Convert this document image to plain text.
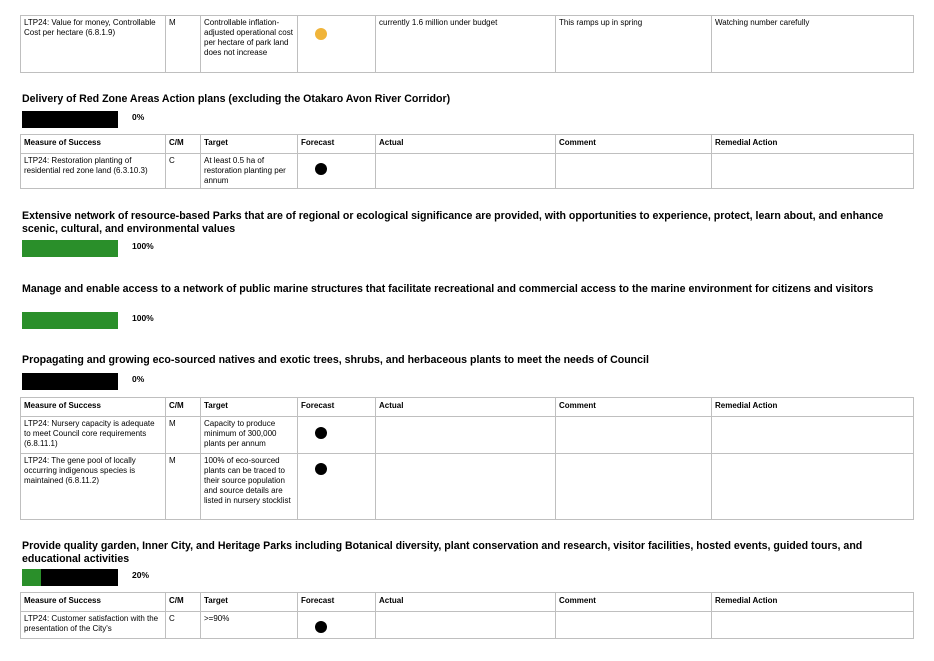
LTP24: Value for money, Controllable Cost per hectare (6.8.1.9)	M	Controllable inflation-adjusted operational cost per hectare of park land does not increase		currently 1.6 million under budget	This ramps up in spring	Watching number carefully
Delivery of Red Zone Areas Action plans (excluding the Otakaro Avon River Corridor)
0%
Measure of Success	C/M	Target	Forecast	Actual	Comment	Remedial Action
LTP24: Restoration planting of residential red zone land (6.3.10.3)	C	At least 0.5 ha of restoration planting per annum				
Extensive network of resource-based Parks that are of regional or ecological significance are provided, with opportunities to experience, protect, learn about, and enhance scenic, cultural, and environmental values
100%
Manage and enable access to a network of public marine structures that facilitate recreational and commercial access to the marine environment for citizens and visitors
100%
Propagating and growing eco-sourced natives and exotic trees, shrubs, and herbaceous plants to meet the needs of Council
0%
Measure of Success	C/M	Target	Forecast	Actual	Comment	Remedial Action
LTP24: Nursery capacity is adequate to meet Council core requirements (6.8.11.1)	M	Capacity to produce minimum of 300,000 plants per annum				
LTP24: The gene pool of locally occurring indigenous species is maintained (6.8.11.2)	M	100% of eco-sourced plants can be traced to their source population and source details are listed in nursery stocklist				
Provide quality garden, Inner City, and Heritage Parks including Botanical diversity, plant conservation and research, visitor facilities, hosted events, guided tours, and educational activities
20%
Measure of Success	C/M	Target	Forecast	Actual	Comment	Remedial Action
LTP24: Customer satisfaction with the presentation of the City's	C	>=90%				
